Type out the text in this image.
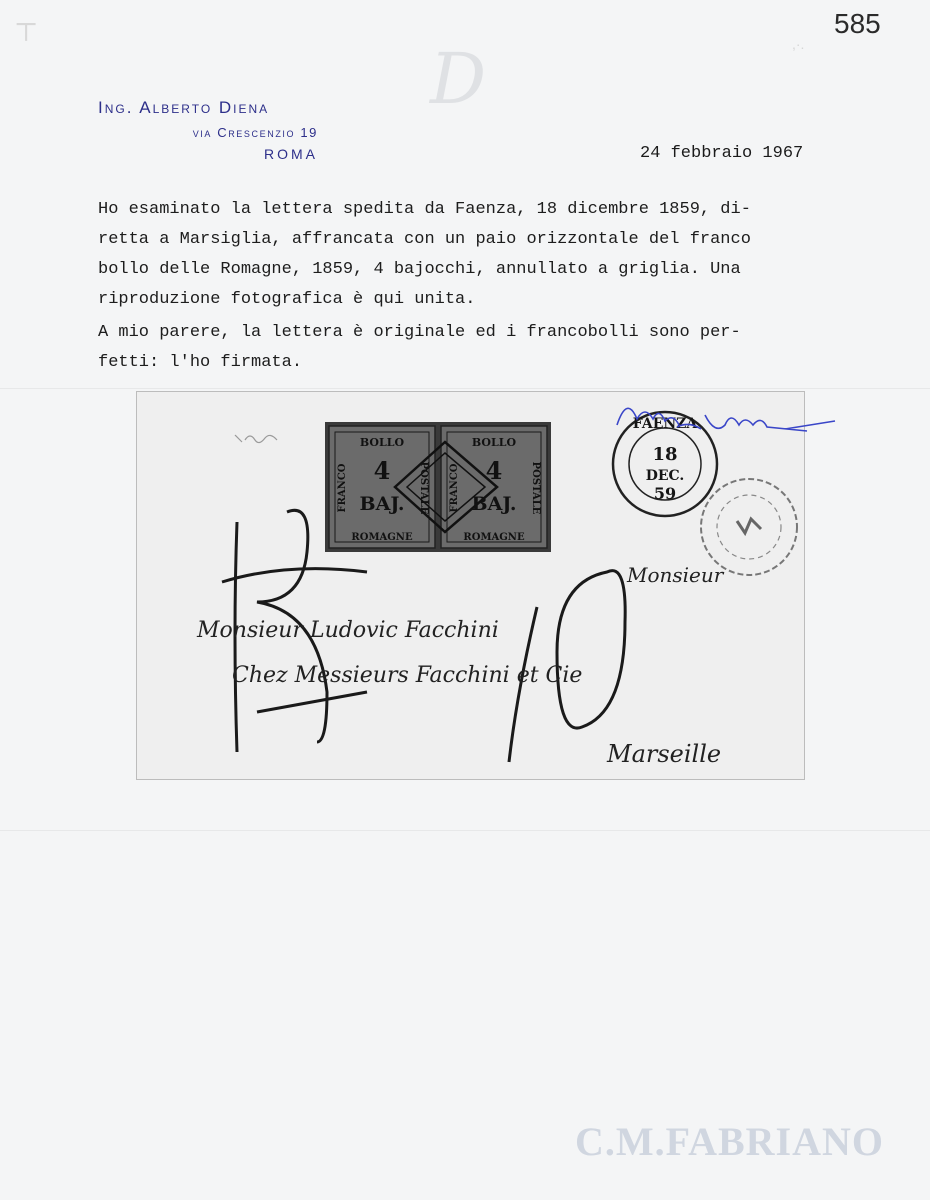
⊤
D	,·.
585
Ing. Alberto Diena
via Crescenzio 19
ROMA	24 febbraio 1967
Ho esaminato la lettera spedita da Faenza, 18 dicembre 1859, di-
retta a Marsiglia, affrancata con un paio orizzontale del franco
bollo delle Romagne, 1859, 4 bajocchi, annullato a griglia. Una
riproduzione fotografica è qui unita.
A mio parere, la lettera è originale ed i francobolli sono per-
fetti: l'ho firmata.
BOLLO
4
BAJ.
ROMAGNE
FRANCO	POSTALE
BOLLO
4
BAJ.
ROMAGNE
FRANCO	POSTALE
FAENZA
18
DEC.
59
Monsieur
Monsieur Ludovic Facchini
Chez Messieurs Facchini et Cie
Marseille
C.M.FABRIANO
